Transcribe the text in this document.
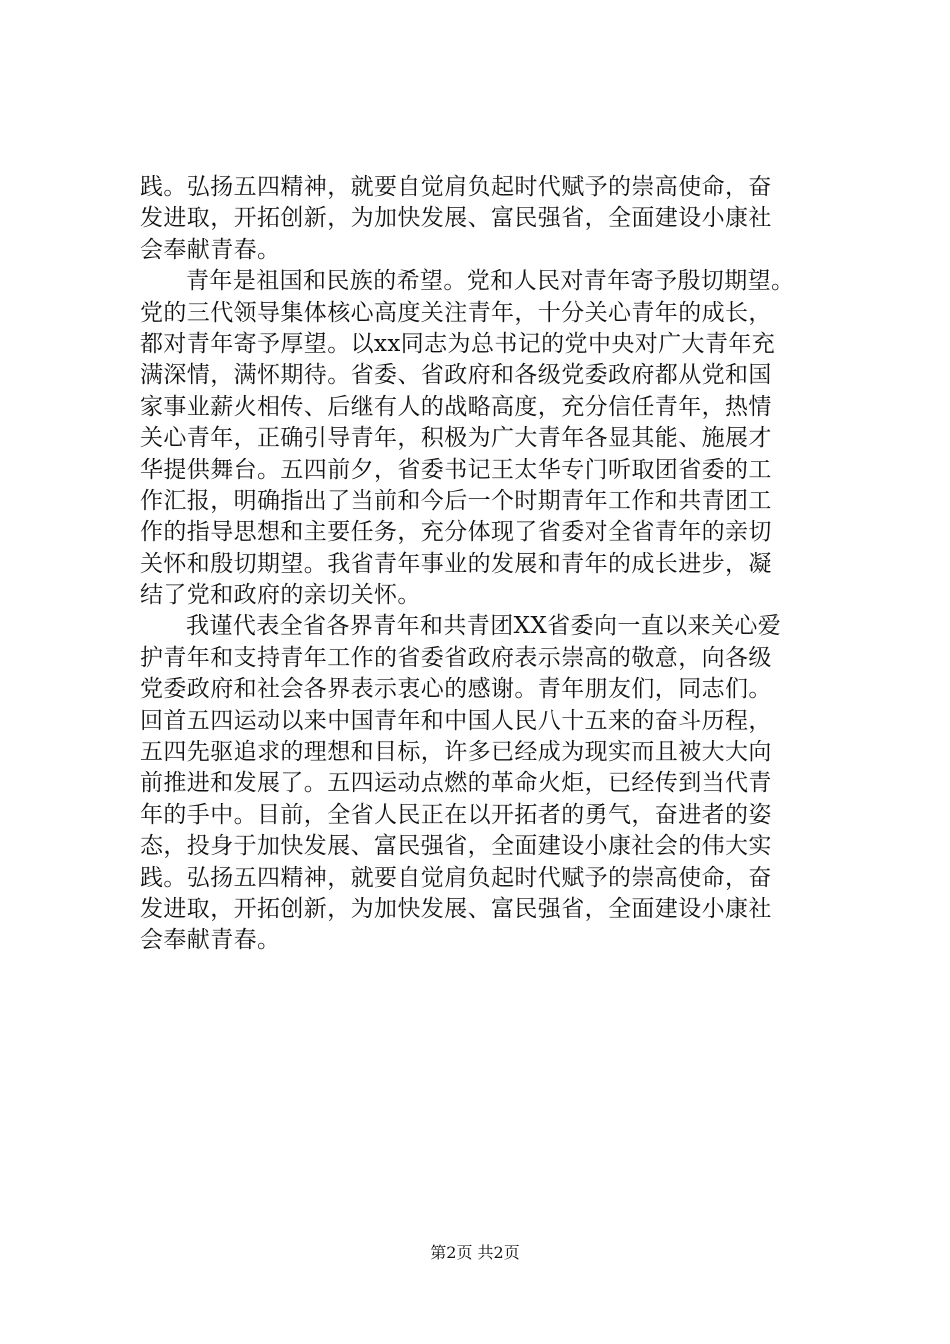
践。弘扬五四精神，就要自觉肩负起时代赋予的崇高使命，奋
发进取，开拓创新，为加快发展、富民强省，全面建设小康社
会奉献青春。
青年是祖国和民族的希望。党和人民对青年寄予殷切期望。
党的三代领导集体核心高度关注青年，十分关心青年的成长，
都对青年寄予厚望。以xx同志为总书记的党中央对广大青年充
满深情，满怀期待。省委、省政府和各级党委政府都从党和国
家事业薪火相传、后继有人的战略高度，充分信任青年，热情
关心青年，正确引导青年，积极为广大青年各显其能、施展才
华提供舞台。五四前夕，省委书记王太华专门听取团省委的工
作汇报，明确指出了当前和今后一个时期青年工作和共青团工
作的指导思想和主要任务，充分体现了省委对全省青年的亲切
关怀和殷切期望。我省青年事业的发展和青年的成长进步，凝
结了党和政府的亲切关怀。
我谨代表全省各界青年和共青团XX省委向一直以来关心爱
护青年和支持青年工作的省委省政府表示崇高的敬意，向各级
党委政府和社会各界表示衷心的感谢。青年朋友们，同志们。
回首五四运动以来中国青年和中国人民八十五来的奋斗历程，
五四先驱追求的理想和目标，许多已经成为现实而且被大大向
前推进和发展了。五四运动点燃的革命火炬，已经传到当代青
年的手中。目前，全省人民正在以开拓者的勇气，奋进者的姿
态，投身于加快发展、富民强省，全面建设小康社会的伟大实
践。弘扬五四精神，就要自觉肩负起时代赋予的崇高使命，奋
发进取，开拓创新，为加快发展、富民强省，全面建设小康社
会奉献青春。
第2页 共2页
